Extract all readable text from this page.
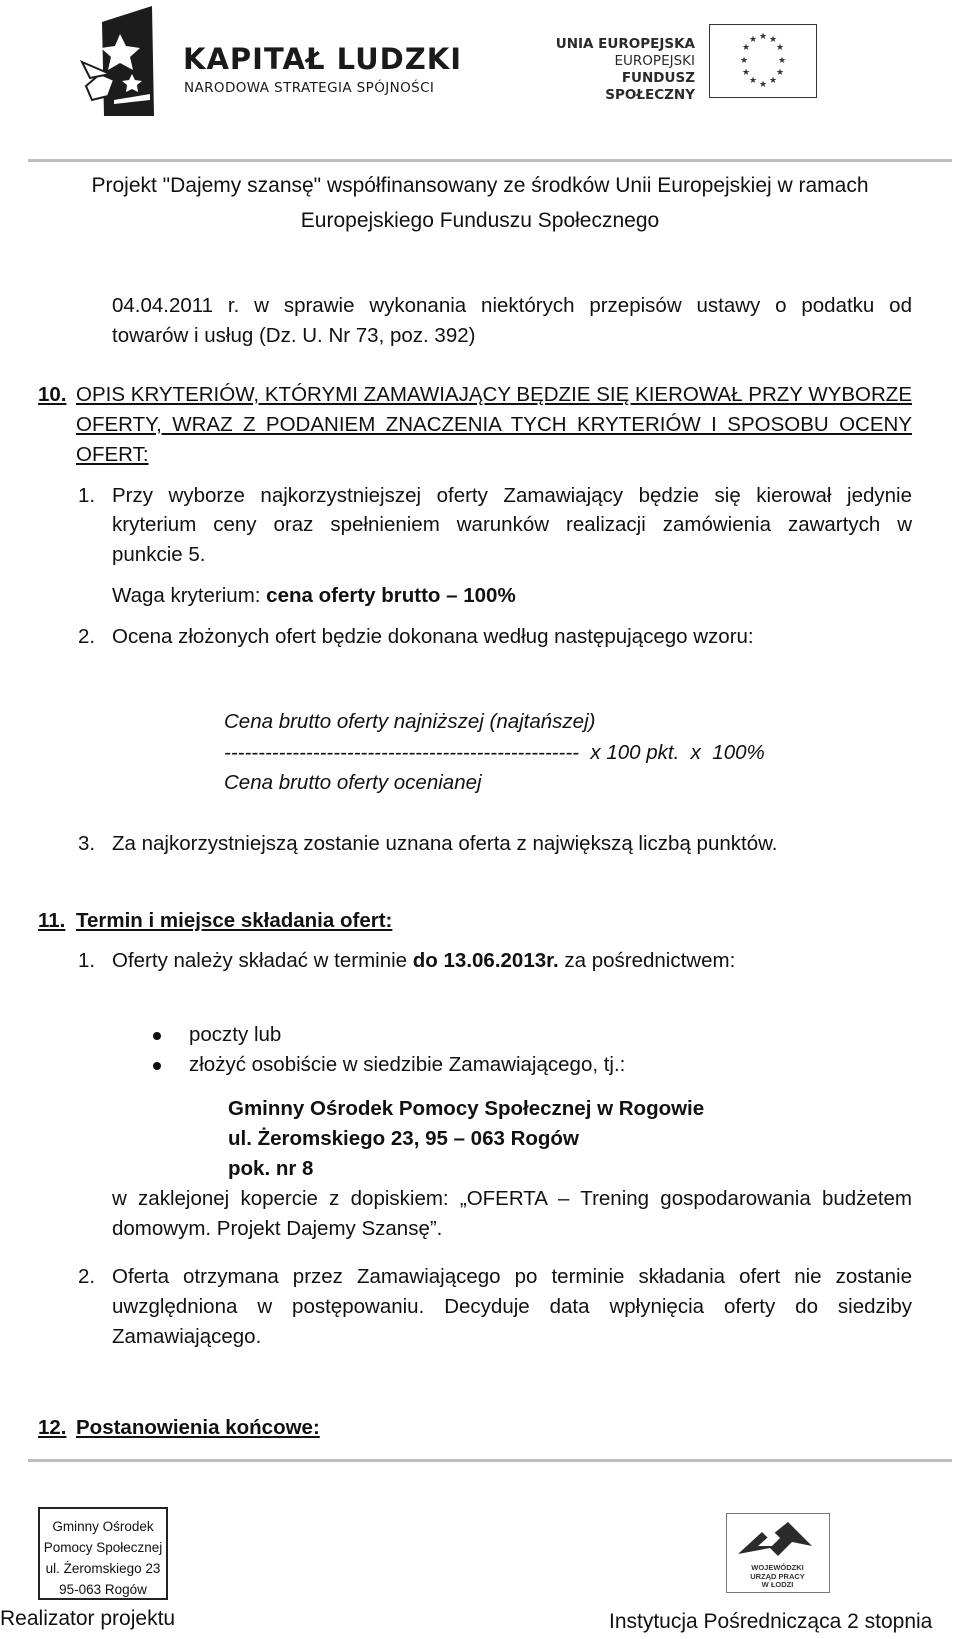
KAPITAŁ LUDZKI
NARODOWA STRATEGIA SPÓJNOŚCI
UNIA EUROPEJSKA
EUROPEJSKI
FUNDUSZ SPOŁECZNY
★ ★
★
★
★
★
★
★
★
★
★
★
Projekt "Dajemy szansę" współfinansowany ze środków Unii Europejskiej w ramach
Europejskiego Funduszu Społecznego
04.04.2011 r. w sprawie wykonania niektórych przepisów ustawy o podatku od
towarów i usług (Dz. U. Nr 73, poz. 392)
10. OPIS KRYTERIÓW, KTÓRYMI ZAMAWIAJĄCY BĘDZIE SIĘ KIEROWAŁ PRZY WYBORZE
OFERTY, WRAZ Z PODANIEM ZNACZENIA TYCH KRYTERIÓW I SPOSOBU OCENY
OFERT:
1. Przy wyborze najkorzystniejszej oferty Zamawiający będzie się kierował jedynie
kryterium ceny oraz spełnieniem warunków realizacji zamówienia zawartych w
punkcie 5.
Waga kryterium: cena oferty brutto – 100%
2. Ocena złożonych ofert będzie dokonana według następującego wzoru:
Cena brutto oferty najniższej (najtańszej)
----------------------------------------------------  x 100 pkt.  x  100%
Cena brutto oferty ocenianej
3. Za najkorzystniejszą zostanie uznana oferta z największą liczbą punktów.
11. Termin i miejsce składania ofert:
1. Oferty należy składać w terminie do 13.06.2013r. za pośrednictwem:
poczty lub
złożyć osobiście w siedzibie Zamawiającego, tj.:
Gminny Ośrodek Pomocy Społecznej w Rogowie
ul. Żeromskiego 23, 95 – 063 Rogów
pok. nr 8
w zaklejonej kopercie z dopiskiem: „OFERTA – Trening gospodarowania budżetem
domowym. Projekt Dajemy Szansę”.
2. Oferta otrzymana przez Zamawiającego po terminie składania ofert nie zostanie
uwzględniona w postępowaniu. Decyduje data wpłynięcia oferty do siedziby
Zamawiającego.
12. Postanowienia końcowe:
Gminny Ośrodek
Pomocy Społecznej
ul. Żeromskiego 23
95-063 Rogów
Realizator projektu
WOJEWÓDZKI
URZĄD PRACY
W ŁODZI
Instytucja Pośrednicząca 2 stopnia
